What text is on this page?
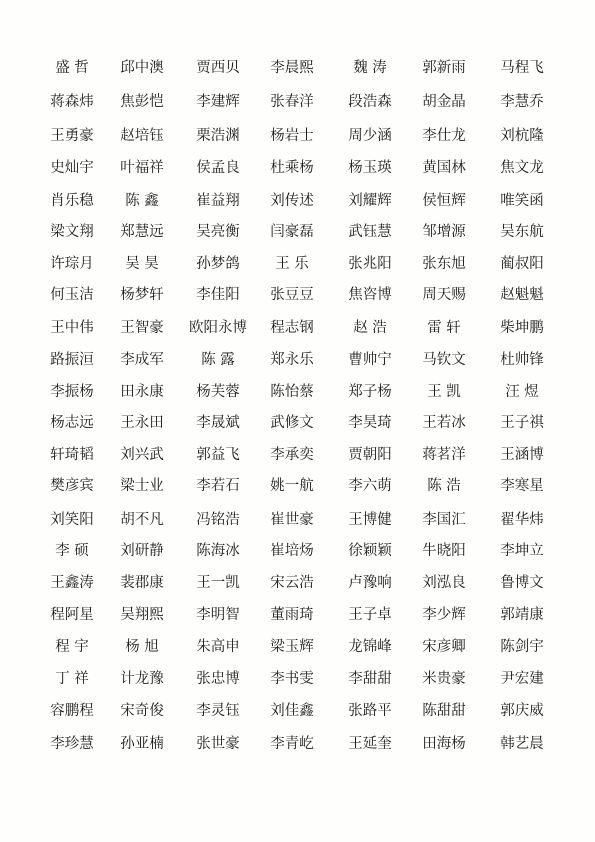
盛 哲	邱中澳	贾西贝	李晨熙	魏 涛	郭新雨	马程飞
蒋森炜	焦彭恺	李建辉	张春洋	段浩森	胡金晶	李慧乔
王勇豪	赵培钰	栗浩渊	杨岩士	周少涵	李仕龙	刘杭隆
史灿宇	叶福祥	侯孟良	杜乘杨	杨玉瑛	黄国林	焦文龙
肖乐稳	陈 鑫	崔益翔	刘传述	刘耀辉	侯恒辉	唯笑函
梁文翔	郑慧远	吴亮衡	闫豪磊	武钰慧	邹增源	吴东航
许琮月	吴 昊	孙梦鸽	王 乐	张兆阳	张东旭	蔺叔阳
何玉洁	杨梦轩	李佳阳	张豆豆	焦咨博	周天赐	赵魁魁
王中伟	王智豪	欧阳永博	程志钢	赵 浩	雷 轩	柴坤鹏
路振洹	李成军	陈 露	郑永乐	曹帅宁	马钦文	杜帅锋
李振杨	田永康	杨芙蓉	陈怡蔡	郑子杨	王 凯	汪 煜
杨志远	王永田	李晟斌	武修文	李昊琦	王若冰	王子祺
轩琦韬	刘兴武	郭益飞	李承奕	贾朝阳	蒋茗洋	王涵博
樊彦宾	梁士业	李若石	姚一航	李六萌	陈 浩	李寒星
刘笑阳	胡不凡	冯铭浩	崔世豪	王博健	李国汇	翟华炜
李 硕	刘研静	陈海冰	崔培炀	徐颖颖	牛晓阳	李坤立
王鑫涛	裴郡康	王一凯	宋云浩	卢豫响	刘泓良	鲁博文
程阿星	吴翔熙	李明智	董雨琦	王子卓	李少辉	郭靖康
程 宇	杨 旭	朱高申	梁玉辉	龙锦峰	宋彦卿	陈剑宇
丁 祥	计龙豫	张忠博	李书雯	李甜甜	米贵豪	尹宏建
容鹏程	宋奇俊	李灵钰	刘佳鑫	张路平	陈甜甜	郭庆威
李珍慧	孙亚楠	张世豪	李青屹	王延奎	田海杨	韩艺晨
